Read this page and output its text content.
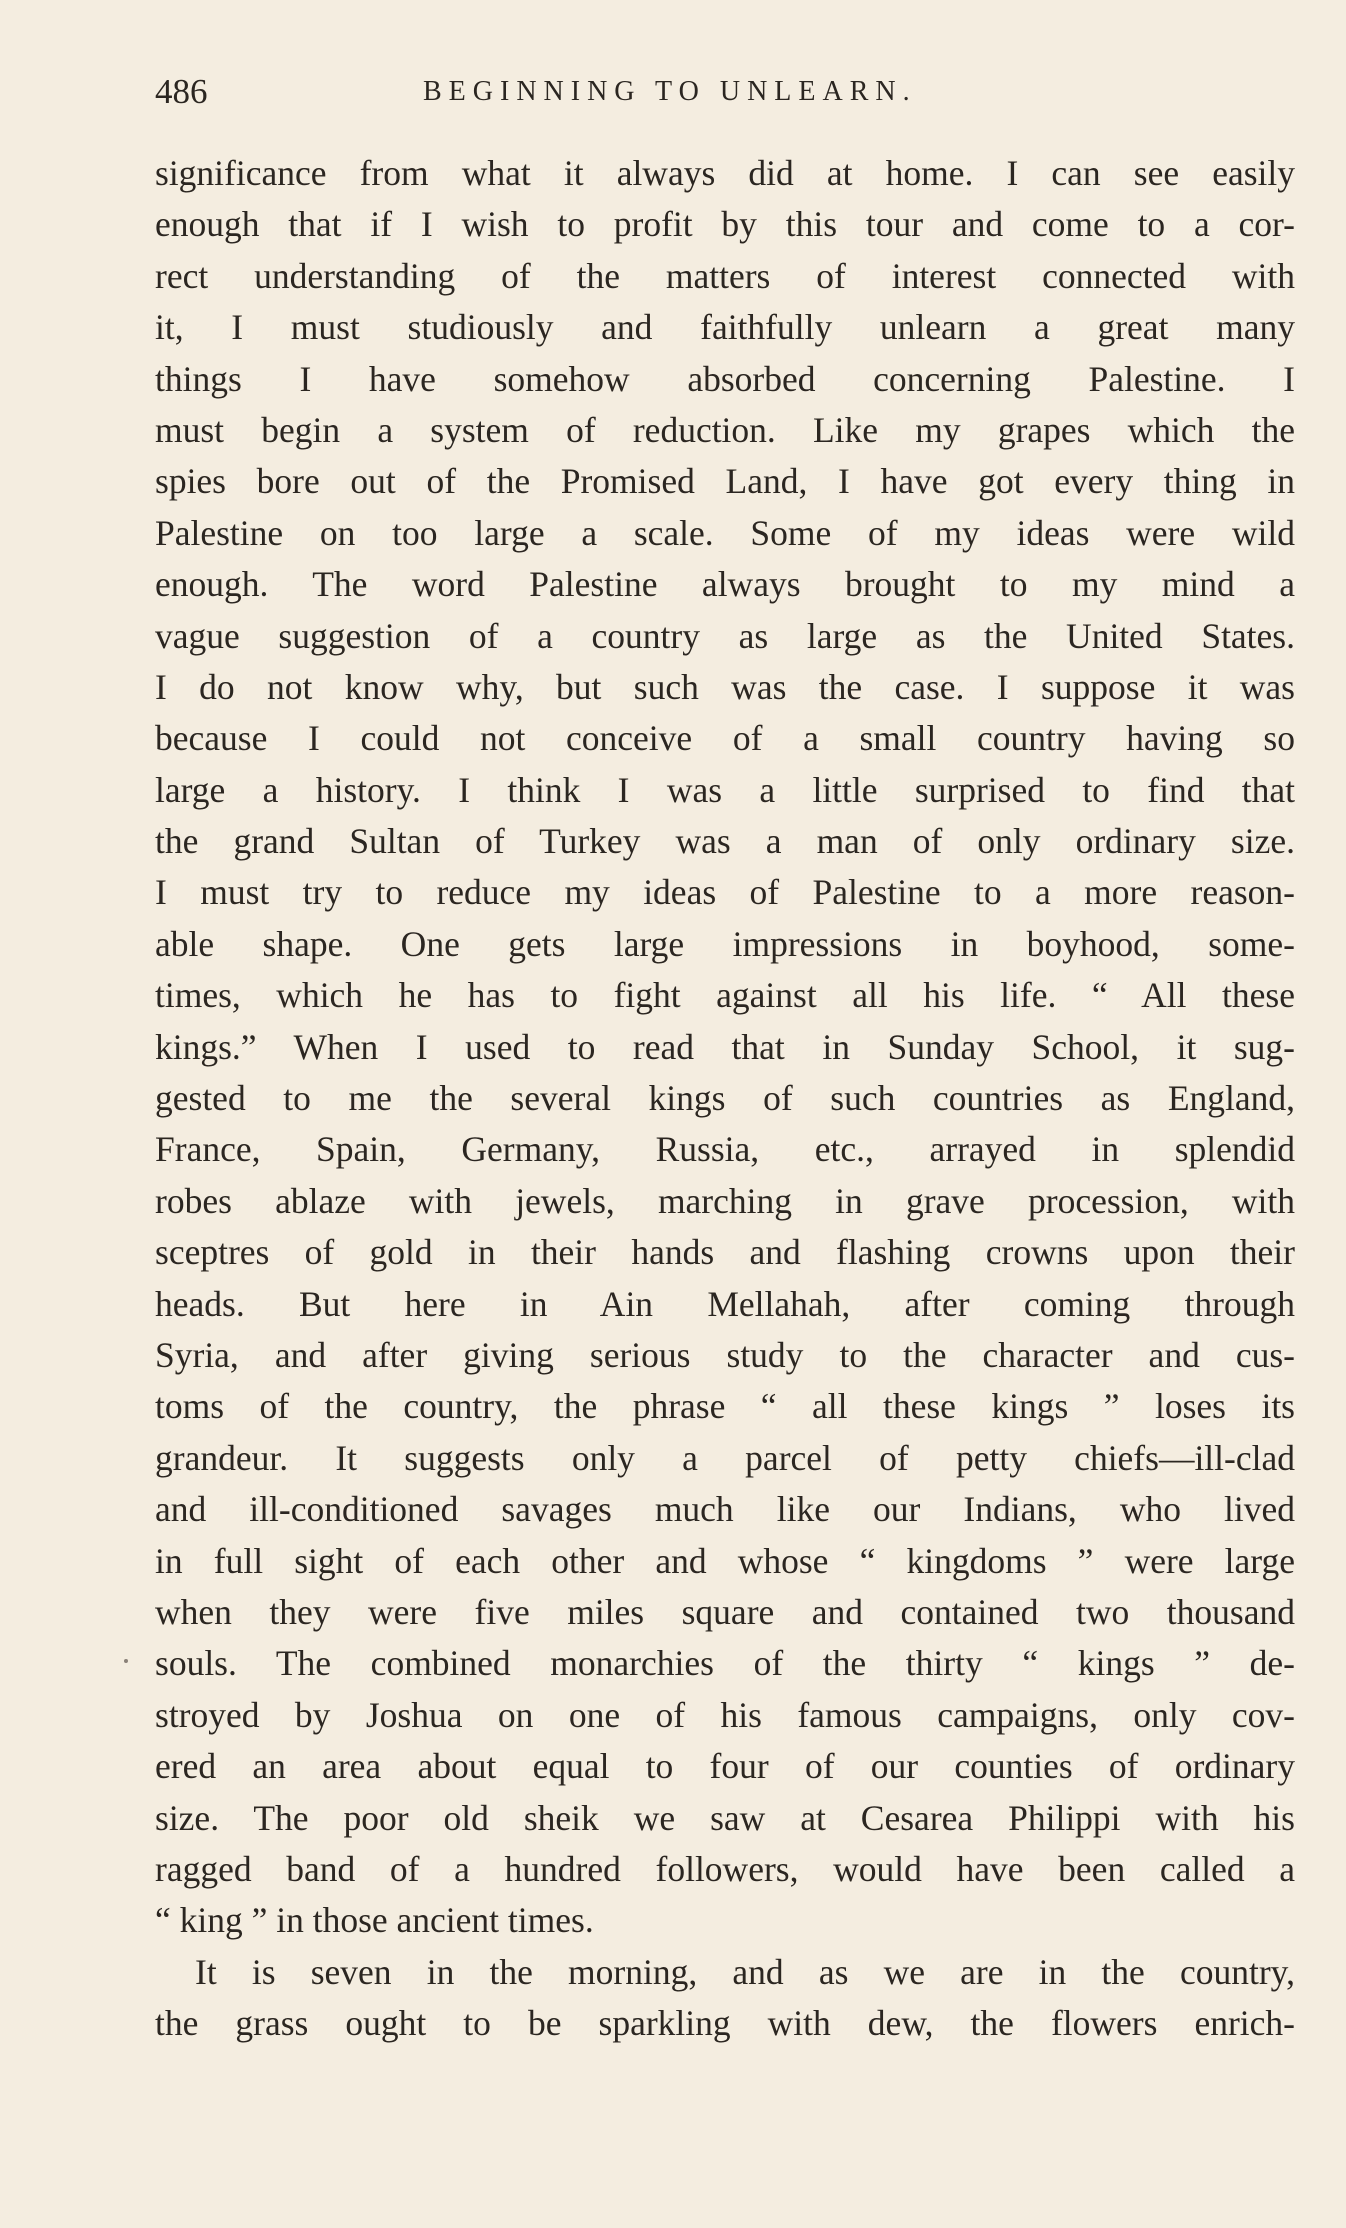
486	BEGINNING TO UNLEARN.
significance from what it always did at home. I can see easily
enough that if I wish to profit by this tour and come to a cor-
rect understanding of the matters of interest connected with
it, I must studiously and faithfully unlearn a great many
things I have somehow absorbed concerning Palestine. I
must begin a system of reduction. Like my grapes which the
spies bore out of the Promised Land, I have got every thing in
Palestine on too large a scale. Some of my ideas were wild
enough. The word Palestine always brought to my mind a
vague suggestion of a country as large as the United States.
I do not know why, but such was the case. I suppose it was
because I could not conceive of a small country having so
large a history. I think I was a little surprised to find that
the grand Sultan of Turkey was a man of only ordinary size.
I must try to reduce my ideas of Palestine to a more reason-
able shape. One gets large impressions in boyhood, some-
times, which he has to fight against all his life. “ All these
kings.” When I used to read that in Sunday School, it sug-
gested to me the several kings of such countries as England,
France, Spain, Germany, Russia, etc., arrayed in splendid
robes ablaze with jewels, marching in grave procession, with
sceptres of gold in their hands and flashing crowns upon their
heads. But here in Ain Mellahah, after coming through
Syria, and after giving serious study to the character and cus-
toms of the country, the phrase “ all these kings ” loses its
grandeur. It suggests only a parcel of petty chiefs—ill-clad
and ill-conditioned savages much like our Indians, who lived
in full sight of each other and whose “ kingdoms ” were large
when they were five miles square and contained two thousand
souls. The combined monarchies of the thirty “ kings ” de-
stroyed by Joshua on one of his famous campaigns, only cov-
ered an area about equal to four of our counties of ordinary
size. The poor old sheik we saw at Cesarea Philippi with his
ragged band of a hundred followers, would have been called a
“ king ” in those ancient times.
It is seven in the morning, and as we are in the country,
the grass ought to be sparkling with dew, the flowers enrich-
